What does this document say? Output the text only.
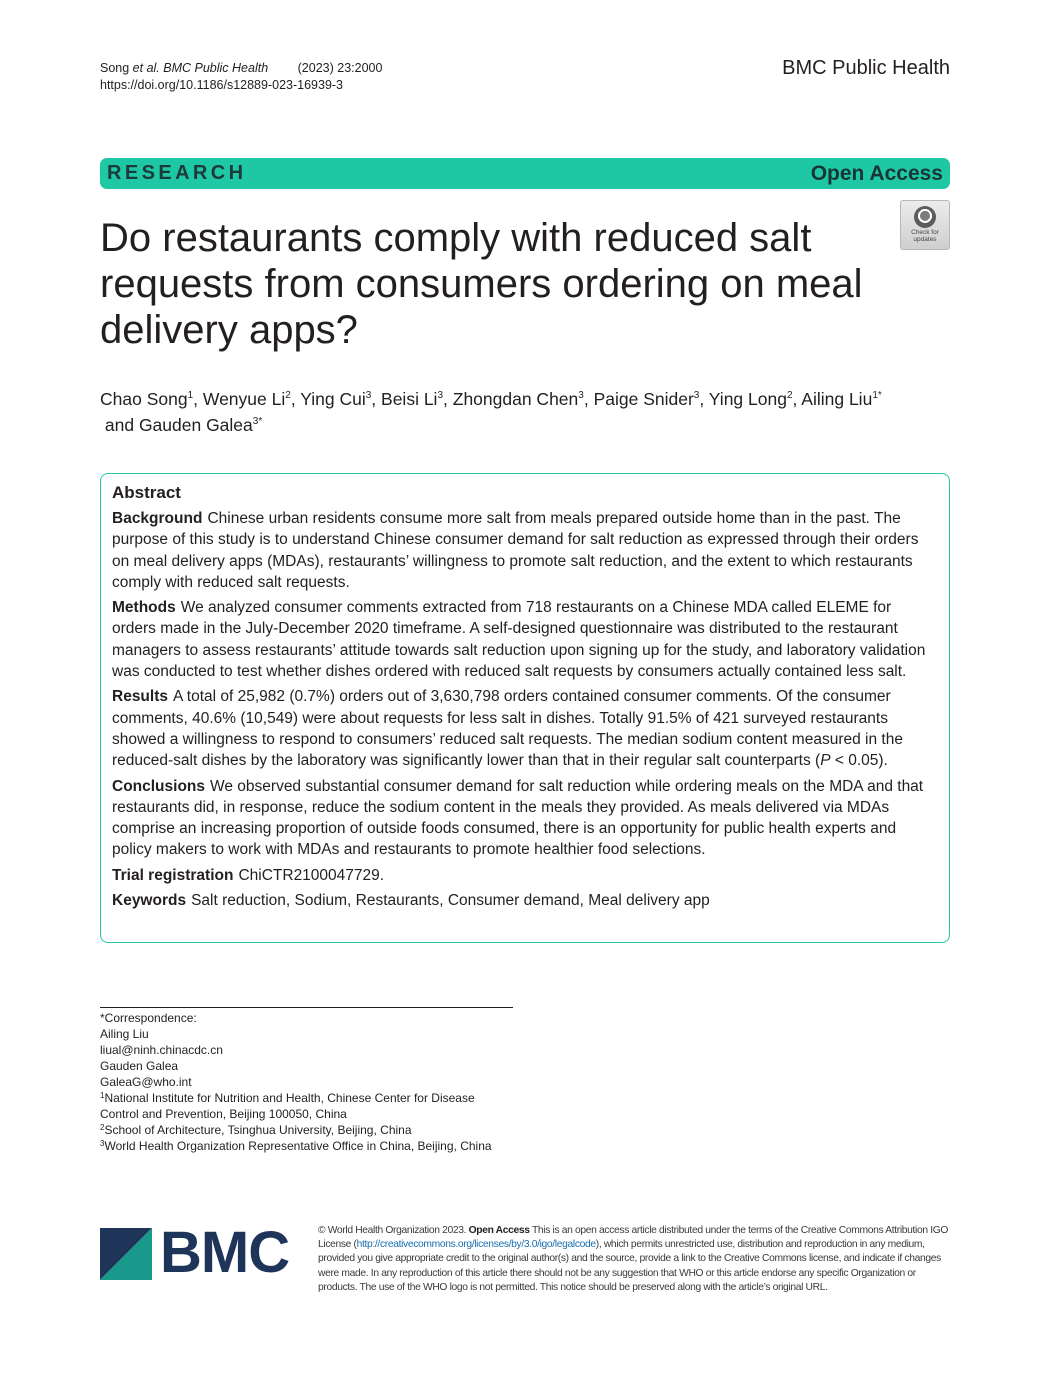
Song et al. BMC Public Health (2023) 23:2000
https://doi.org/10.1186/s12889-023-16939-3
BMC Public Health
RESEARCH	Open Access
Check for
updates
Do restaurants comply with reduced salt requests from consumers ordering on meal delivery apps?
Chao Song$^1$, Wenyue Li$^2$, Ying Cui$^3$, Beisi Li$^3$, Zhongdan Chen$^3$, Paige Snider$^3$, Ying Long$^2$, Ailing Liu$^{1*}$ and Gauden Galea$^{3*}$
Abstract

Background Chinese urban residents consume more salt from meals prepared outside home than in the past. The purpose of this study is to understand Chinese consumer demand for salt reduction as expressed through their orders on meal delivery apps (MDAs), restaurants’ willingness to promote salt reduction, and the extent to which restaurants comply with reduced salt requests.

Methods We analyzed consumer comments extracted from 718 restaurants on a Chinese MDA called ELEME for orders made in the July-December 2020 timeframe. A self-designed questionnaire was distributed to the restaurant managers to assess restaurants’ attitude towards salt reduction upon signing up for the study, and laboratory validation was conducted to test whether dishes ordered with reduced salt requests by consumers actually contained less salt.

Results A total of 25,982 (0.7%) orders out of 3,630,798 orders contained consumer comments. Of the consumer comments, 40.6% (10,549) were about requests for less salt in dishes. Totally 91.5% of 421 surveyed restaurants showed a willingness to respond to consumers’ reduced salt requests. The median sodium content measured in the reduced-salt dishes by the laboratory was significantly lower than that in their regular salt counterparts (P < 0.05).

Conclusions We observed substantial consumer demand for salt reduction while ordering meals on the MDA and that restaurants did, in response, reduce the sodium content in the meals they provided. As meals delivered via MDAs comprise an increasing proportion of outside foods consumed, there is an opportunity for public health experts and policy makers to work with MDAs and restaurants to promote healthier food selections.

Trial registration ChiCTR2100047729.

Keywords Salt reduction, Sodium, Restaurants, Consumer demand, Meal delivery app

*Correspondence:
Ailing Liu
liual@ninh.chinacdc.cn
Gauden Galea
GaleaG@who.int
$^1$National Institute for Nutrition and Health, Chinese Center for Disease
Control and Prevention, Beijing 100050, China
$^2$School of Architecture, Tsinghua University, Beijing, China
$^3$World Health Organization Representative Office in China, Beijing, China
BMC	© World Health Organization 2023. Open Access This is an open access article distributed under the terms of the Creative Commons Attribution IGO License (http://creativecommons.org/licenses/by/3.0/igo/legalcode), which permits unrestricted use, distribution and reproduction in any medium, provided you give appropriate credit to the original author(s) and the source, provide a link to the Creative Commons license, and indicate if changes were made. In any reproduction of this article there should not be any suggestion that WHO or this article endorse any specific Organization or products. The use of the WHO logo is not permitted. This notice should be preserved along with the article’s original URL.
